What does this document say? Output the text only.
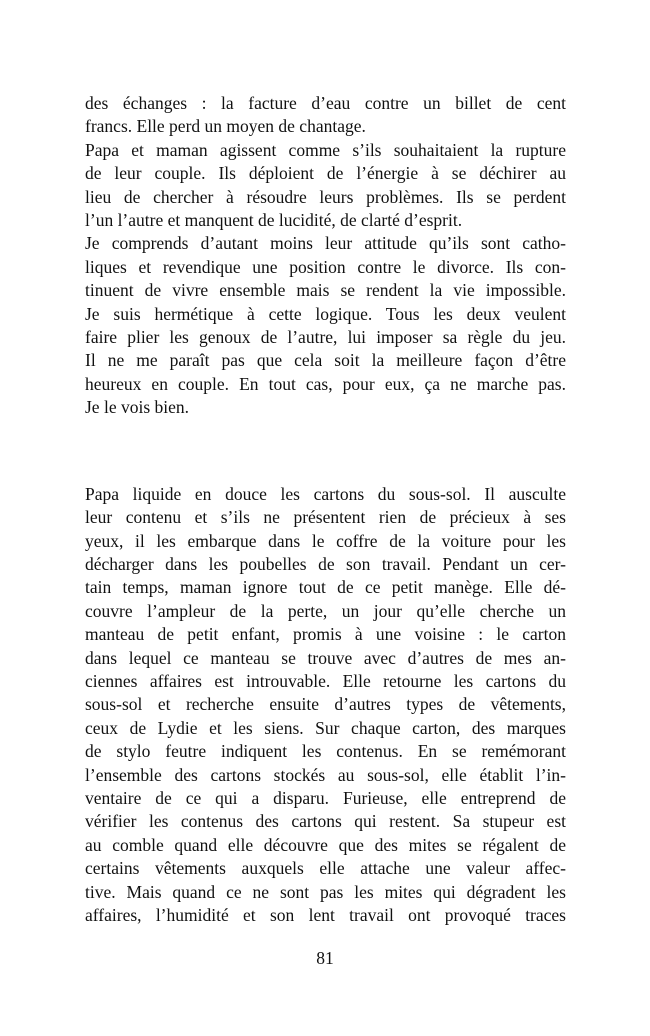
des échanges : la facture d’eau contre un billet de cent
francs. Elle perd un moyen de chantage.
Papa et maman agissent comme s’ils souhaitaient la rupture
de leur couple. Ils déploient de l’énergie à se déchirer au
lieu de chercher à résoudre leurs problèmes. Ils se perdent
l’un l’autre et manquent de lucidité, de clarté d’esprit.
Je comprends d’autant moins leur attitude qu’ils sont catho-
liques et revendique une position contre le divorce. Ils con-
tinuent de vivre ensemble mais se rendent la vie impossible.
Je suis hermétique à cette logique. Tous les deux veulent
faire plier les genoux de l’autre, lui imposer sa règle du jeu.
Il ne me paraît pas que cela soit la meilleure façon d’être
heureux en couple. En tout cas, pour eux, ça ne marche pas.
Je le vois bien.
Papa liquide en douce les cartons du sous-sol. Il ausculte
leur contenu et s’ils ne présentent rien de précieux à ses
yeux, il les embarque dans le coffre de la voiture pour les
décharger dans les poubelles de son travail. Pendant un cer-
tain temps, maman ignore tout de ce petit manège. Elle dé-
couvre l’ampleur de la perte, un jour qu’elle cherche un
manteau de petit enfant, promis à une voisine : le carton
dans lequel ce manteau se trouve avec d’autres de mes an-
ciennes affaires est introuvable. Elle retourne les cartons du
sous-sol et recherche ensuite d’autres types de vêtements,
ceux de Lydie et les siens. Sur chaque carton, des marques
de stylo feutre indiquent les contenus. En se remémorant
l’ensemble des cartons stockés au sous-sol, elle établit l’in-
ventaire de ce qui a disparu. Furieuse, elle entreprend de
vérifier les contenus des cartons qui restent. Sa stupeur est
au comble quand elle découvre que des mites se régalent de
certains vêtements auxquels elle attache une valeur affec-
tive. Mais quand ce ne sont pas les mites qui dégradent les
affaires, l’humidité et son lent travail ont provoqué traces
81
